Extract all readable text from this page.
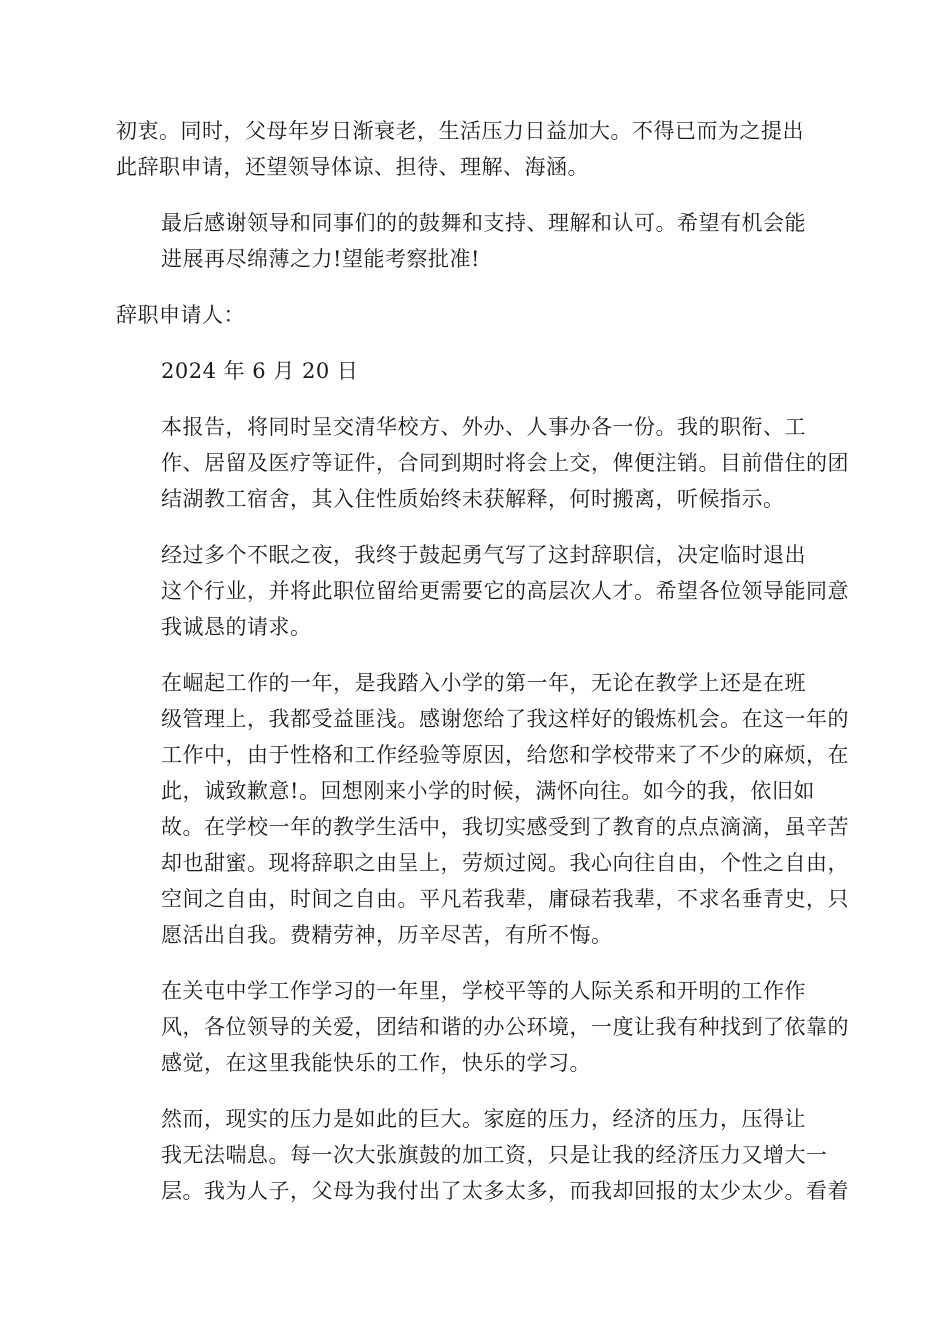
初衷。同时，父母年岁日渐衰老，生活压力日益加大。不得已而为之提出
此辞职申请，还望领导体谅、担待、理解、海涵。
最后感谢领导和同事们的的鼓舞和支持、理解和认可。希望有机会能
进展再尽绵薄之力!望能考察批准!
辞职申请人：
2024 年 6 月 20 日
本报告，将同时呈交清华校方、外办、人事办各一份。我的职衔、工
作、居留及医疗等证件，合同到期时将会上交，俾便注销。目前借住的团
结湖教工宿舍，其入住性质始终未获解释，何时搬离，听候指示。
经过多个不眠之夜，我终于鼓起勇气写了这封辞职信，决定临时退出
这个行业，并将此职位留给更需要它的高层次人才。希望各位领导能同意
我诚恳的请求。
在崛起工作的一年，是我踏入小学的第一年，无论在教学上还是在班
级管理上，我都受益匪浅。感谢您给了我这样好的锻炼机会。在这一年的
工作中，由于性格和工作经验等原因，给您和学校带来了不少的麻烦，在
此，诚致歉意!。回想刚来小学的时候，满怀向往。如今的我，依旧如
故。在学校一年的教学生活中，我切实感受到了教育的点点滴滴，虽辛苦
却也甜蜜。现将辞职之由呈上，劳烦过阅。我心向往自由，个性之自由，
空间之自由，时间之自由。平凡若我辈，庸碌若我辈，不求名垂青史，只
愿活出自我。费精劳神，历辛尽苦，有所不悔。
在关屯中学工作学习的一年里，学校平等的人际关系和开明的工作作
风，各位领导的关爱，团结和谐的办公环境，一度让我有种找到了依靠的
感觉，在这里我能快乐的工作，快乐的学习。
然而，现实的压力是如此的巨大。家庭的压力，经济的压力，压得让
我无法喘息。每一次大张旗鼓的加工资，只是让我的经济压力又增大一
层。我为人子，父母为我付出了太多太多，而我却回报的太少太少。看着
